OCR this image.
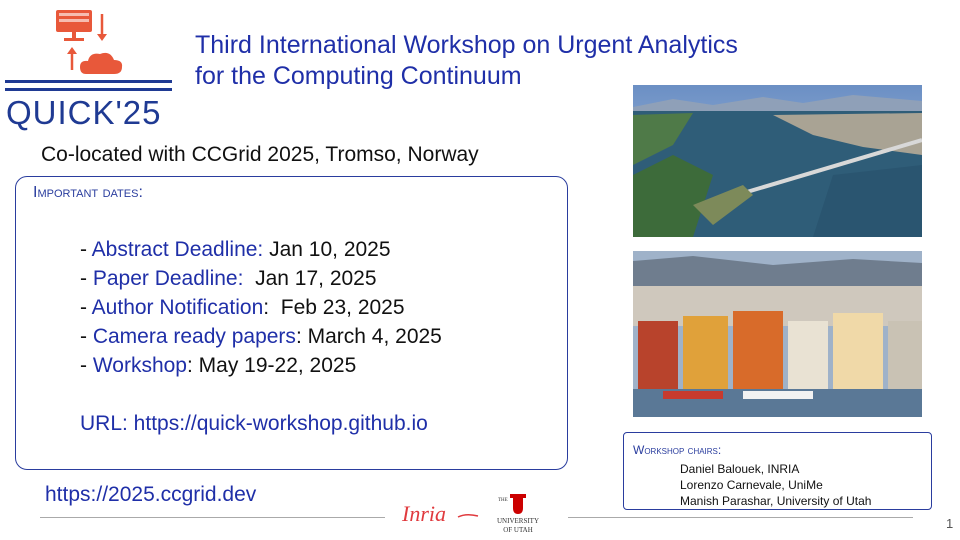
QUICK'25
Third International Workshop on Urgent Analytics
for the Computing Continuum
Co-located with CCGrid 2025, Tromso, Norway
Important dates:
- Abstract Deadline: Jan 10, 2025
- Paper Deadline:  Jan 17, 2025
- Author Notification:  Feb 23, 2025
- Camera ready papers: March 4, 2025
- Workshop: May 19-22, 2025
URL: https://quick-workshop.github.io
https://2025.ccgrid.dev
Workshop chairs:
Daniel Balouek, INRIA
Lorenzo Carnevale, UniMe
Manish Parashar, University of Utah
Inria
THE
UNIVERSITY
OF UTAH	1
